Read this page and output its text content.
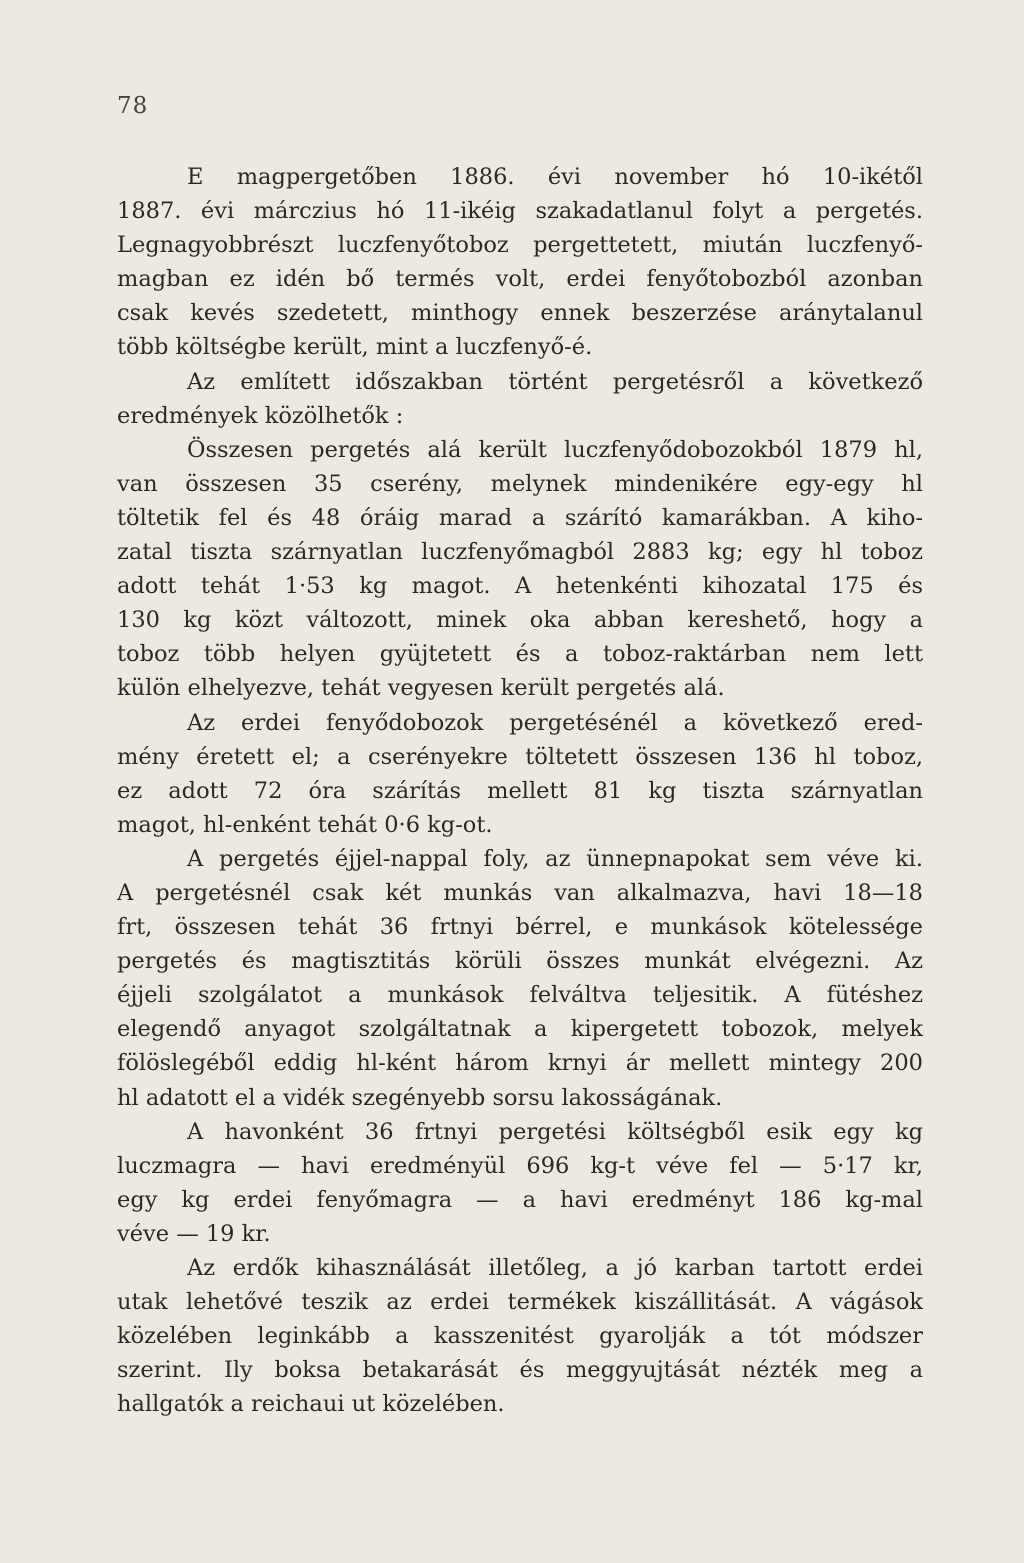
78
E magpergetőben 1886. évi november hó 10-ikétől
1887. évi márczius hó 11-ikéig szakadatlanul folyt a pergetés.
Legnagyobbrészt luczfenyőtoboz pergettetett, miután luczfenyő-
magban ez idén bő termés volt, erdei fenyőtobozból azonban
csak kevés szedetett, minthogy ennek beszerzése aránytalanul
több költségbe került, mint a luczfenyő-é.
Az említett időszakban történt pergetésről a következő
eredmények közölhetők :
Összesen pergetés alá került luczfenyődobozokból 1879 hl,
van összesen 35 cserény, melynek mindenikére egy-egy hl
töltetik fel és 48 óráig marad a szárító kamarákban. A kiho-
zatal tiszta szárnyatlan luczfenyőmagból 2883 kg; egy hl toboz
adott tehát 1·53 kg magot. A hetenkénti kihozatal 175 és
130 kg közt változott, minek oka abban kereshető, hogy a
toboz több helyen gyüjtetett és a toboz-raktárban nem lett
külön elhelyezve, tehát vegyesen került pergetés alá.
Az erdei fenyődobozok pergetésénél a következő ered-
mény éretett el; a cserényekre töltetett összesen 136 hl toboz,
ez adott 72 óra szárítás mellett 81 kg tiszta szárnyatlan
magot, hl-enként tehát 0·6 kg-ot.
A pergetés éjjel-nappal foly, az ünnepnapokat sem véve ki.
A pergetésnél csak két munkás van alkalmazva, havi 18—18
frt, összesen tehát 36 frtnyi bérrel, e munkások kötelessége
pergetés és magtisztitás körüli összes munkát elvégezni. Az
éjjeli szolgálatot a munkások felváltva teljesitik. A fütéshez
elegendő anyagot szolgáltatnak a kipergetett tobozok, melyek
fölöslegéből eddig hl-ként három krnyi ár mellett mintegy 200
hl adatott el a vidék szegényebb sorsu lakosságának.
A havonként 36 frtnyi pergetési költségből esik egy kg
luczmagra — havi eredményül 696 kg-t véve fel — 5·17 kr,
egy kg erdei fenyőmagra — a havi eredményt 186 kg-mal
véve — 19 kr.
Az erdők kihasználását illetőleg, a jó karban tartott erdei
utak lehetővé teszik az erdei termékek kiszállitását. A vágások
közelében leginkább a kasszenitést gyarolják a tót módszer
szerint. Ily boksa betakarását és meggyujtását nézték meg a
hallgatók a reichaui ut közelében.
